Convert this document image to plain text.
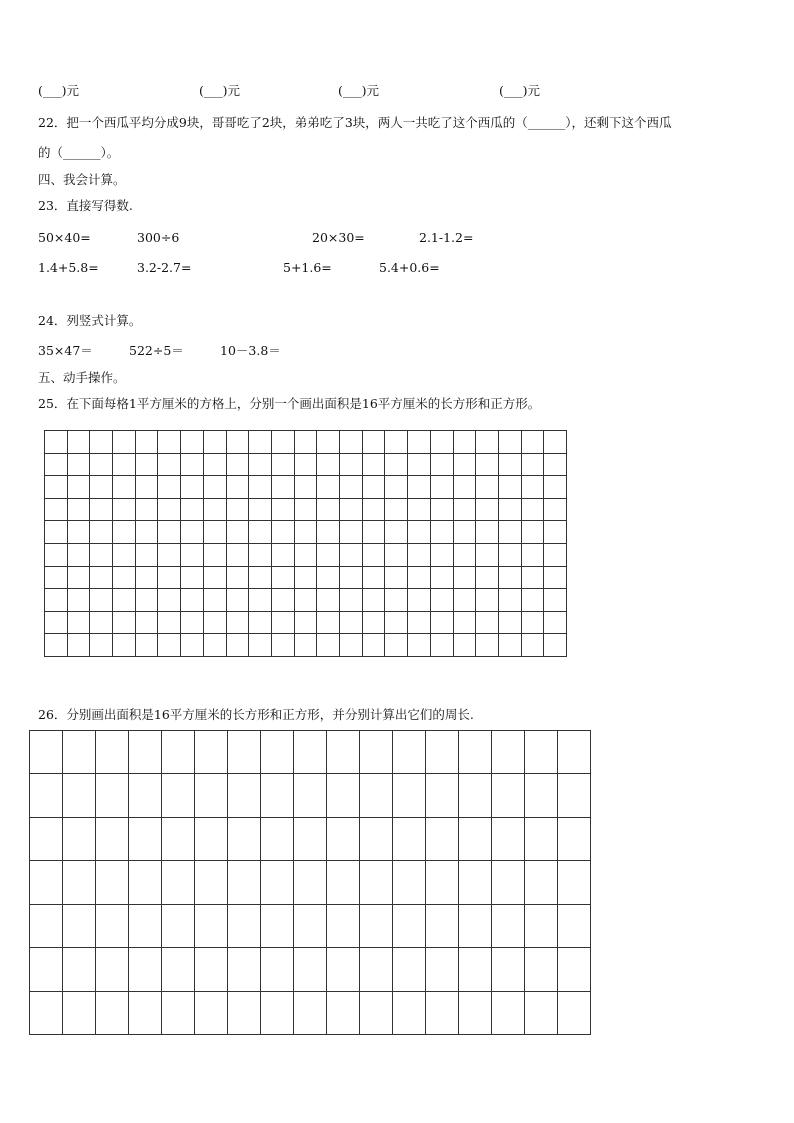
(___)元	(___)元	(___)元	(___)元
22．把一个西瓜平均分成9块，哥哥吃了2块，弟弟吃了3块，两人一共吃了这个西瓜的（______），还剩下这个西瓜
的（______）。
四、我会计算。
23．直接写得数.
50×40=	300÷6	20×30=	2.1-1.2=
1.4+5.8=	3.2-2.7=	5+1.6=	5.4+0.6=
24．列竖式计算。
35×47＝	522÷5＝	10－3.8＝
五、动手操作。
25．在下面每格1平方厘米的方格上，分别一个画出面积是16平方厘米的长方形和正方形。
26．分别画出面积是16平方厘米的长方形和正方形，并分别计算出它们的周长.
